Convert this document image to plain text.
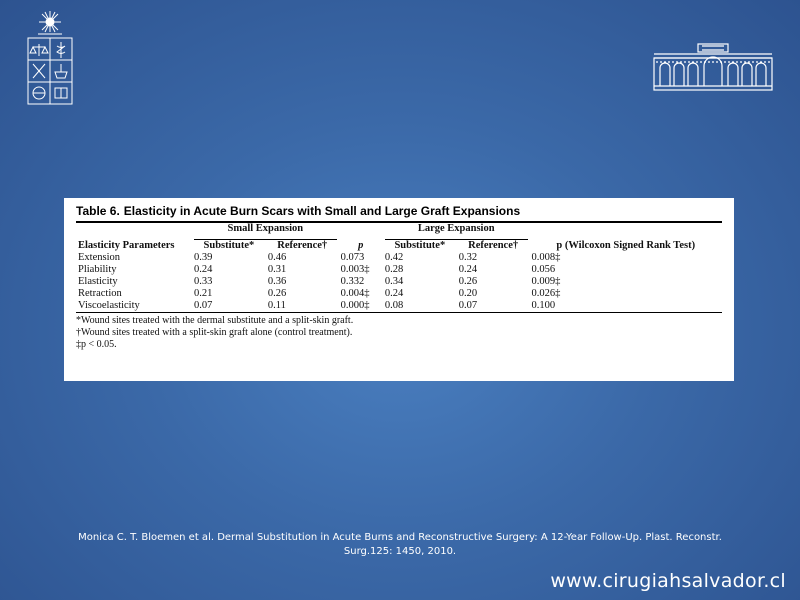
Table 6. Elasticity in Acute Burn Scars with Small and Large Graft Expansions
	Small Expansion			Large Expansion	

Elasticity Parameters	Substitute*	Reference†	p	Substitute*	Reference†	p (Wilcoxon Signed Rank Test)
Extension	0.39	0.46	0.073	0.42	0.32	0.008‡
Pliability	0.24	0.31	0.003‡	0.28	0.24	0.056
Elasticity	0.33	0.36	0.332	0.34	0.26	0.009‡
Retraction	0.21	0.26	0.004‡	0.24	0.20	0.026‡
Viscoelasticity	0.07	0.11	0.000‡	0.08	0.07	0.100
*Wound sites treated with the dermal substitute and a split-skin graft.
†Wound sites treated with a split-skin graft alone (control treatment).
‡p < 0.05.
Monica C. T. Bloemen et al. Dermal Substitution in Acute Burns and Reconstructive Surgery: A 12-Year Follow-Up. Plast. Reconstr.
Surg.125: 1450, 2010.
www.cirugiahsalvador.cl
